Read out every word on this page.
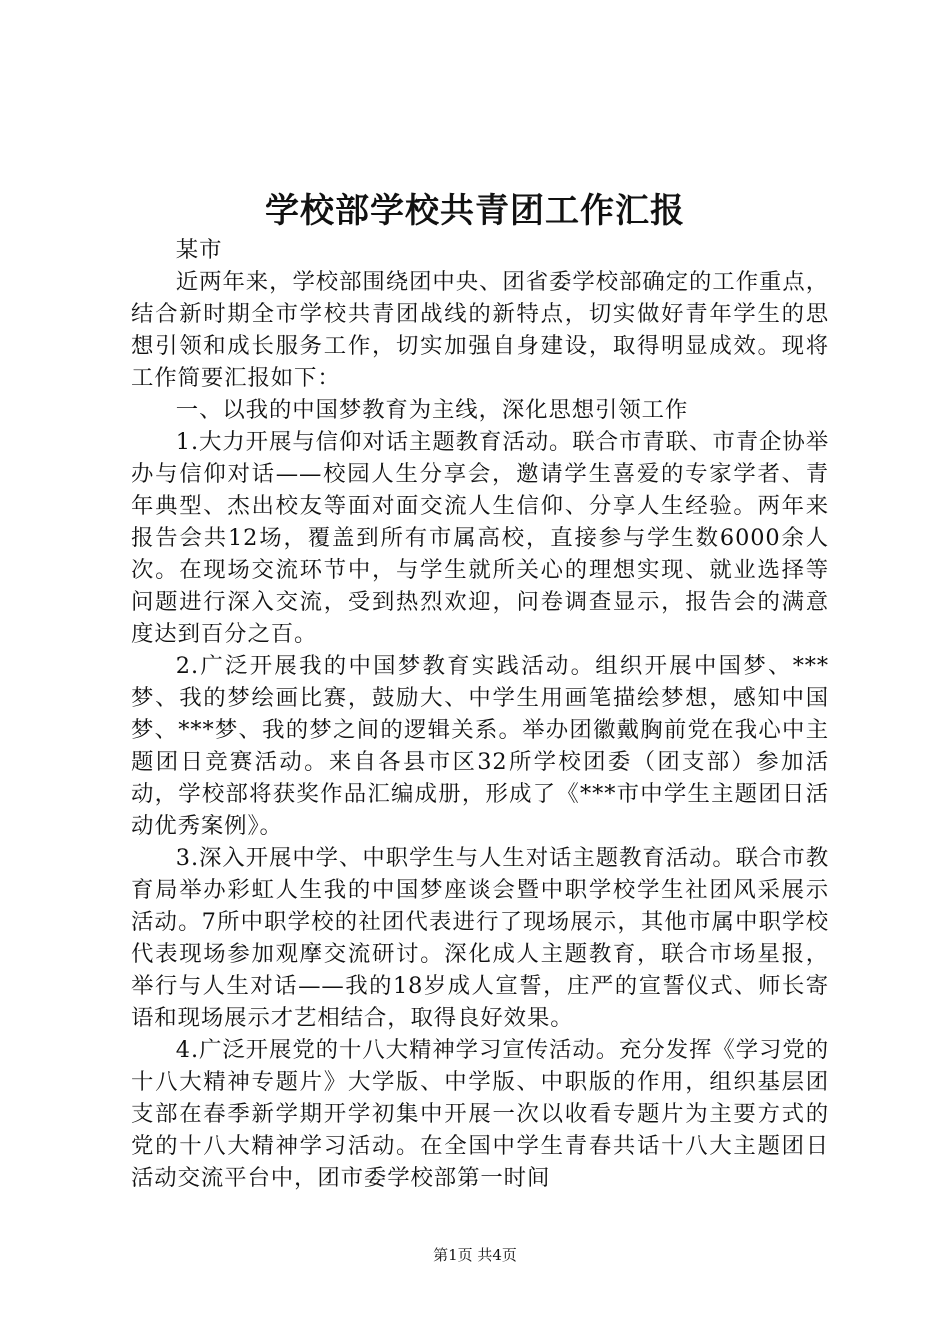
学校部学校共青团工作汇报

某市

近两年来，学校部围绕团中央、团省委学校部确定的工作重点，结合新时期全市学校共青团战线的新特点，切实做好青年学生的思想引领和成长服务工作，切实加强自身建设，取得明显成效。现将工作简要汇报如下：

一、以我的中国梦教育为主线，深化思想引领工作

1.大力开展与信仰对话主题教育活动。联合市青联、市青企协举办与信仰对话——校园人生分享会，邀请学生喜爱的专家学者、青年典型、杰出校友等面对面交流人生信仰、分享人生经验。两年来报告会共12场，覆盖到所有市属高校，直接参与学生数6000余人次。在现场交流环节中，与学生就所关心的理想实现、就业选择等问题进行深入交流，受到热烈欢迎，问卷调查显示，报告会的满意度达到百分之百。

2.广泛开展我的中国梦教育实践活动。组织开展中国梦、***梦、我的梦绘画比赛，鼓励大、中学生用画笔描绘梦想，感知中国梦、***梦、我的梦之间的逻辑关系。举办团徽戴胸前党在我心中主题团日竞赛活动。来自各县市区32所学校团委（团支部）参加活动，学校部将获奖作品汇编成册，形成了《***市中学生主题团日活动优秀案例》。

3.深入开展中学、中职学生与人生对话主题教育活动。联合市教育局举办彩虹人生我的中国梦座谈会暨中职学校学生社团风采展示活动。7所中职学校的社团代表进行了现场展示，其他市属中职学校代表现场参加观摩交流研讨。深化成人主题教育，联合市场星报，举行与人生对话——我的18岁成人宣誓，庄严的宣誓仪式、师长寄语和现场展示才艺相结合，取得良好效果。

4.广泛开展党的十八大精神学习宣传活动。充分发挥《学习党的十八大精神专题片》大学版、中学版、中职版的作用，组织基层团支部在春季新学期开学初集中开展一次以收看专题片为主要方式的党的十八大精神学习活动。在全国中学生青春共话十八大主题团日活动交流平台中，团市委学校部第一时间

第1页 共4页
